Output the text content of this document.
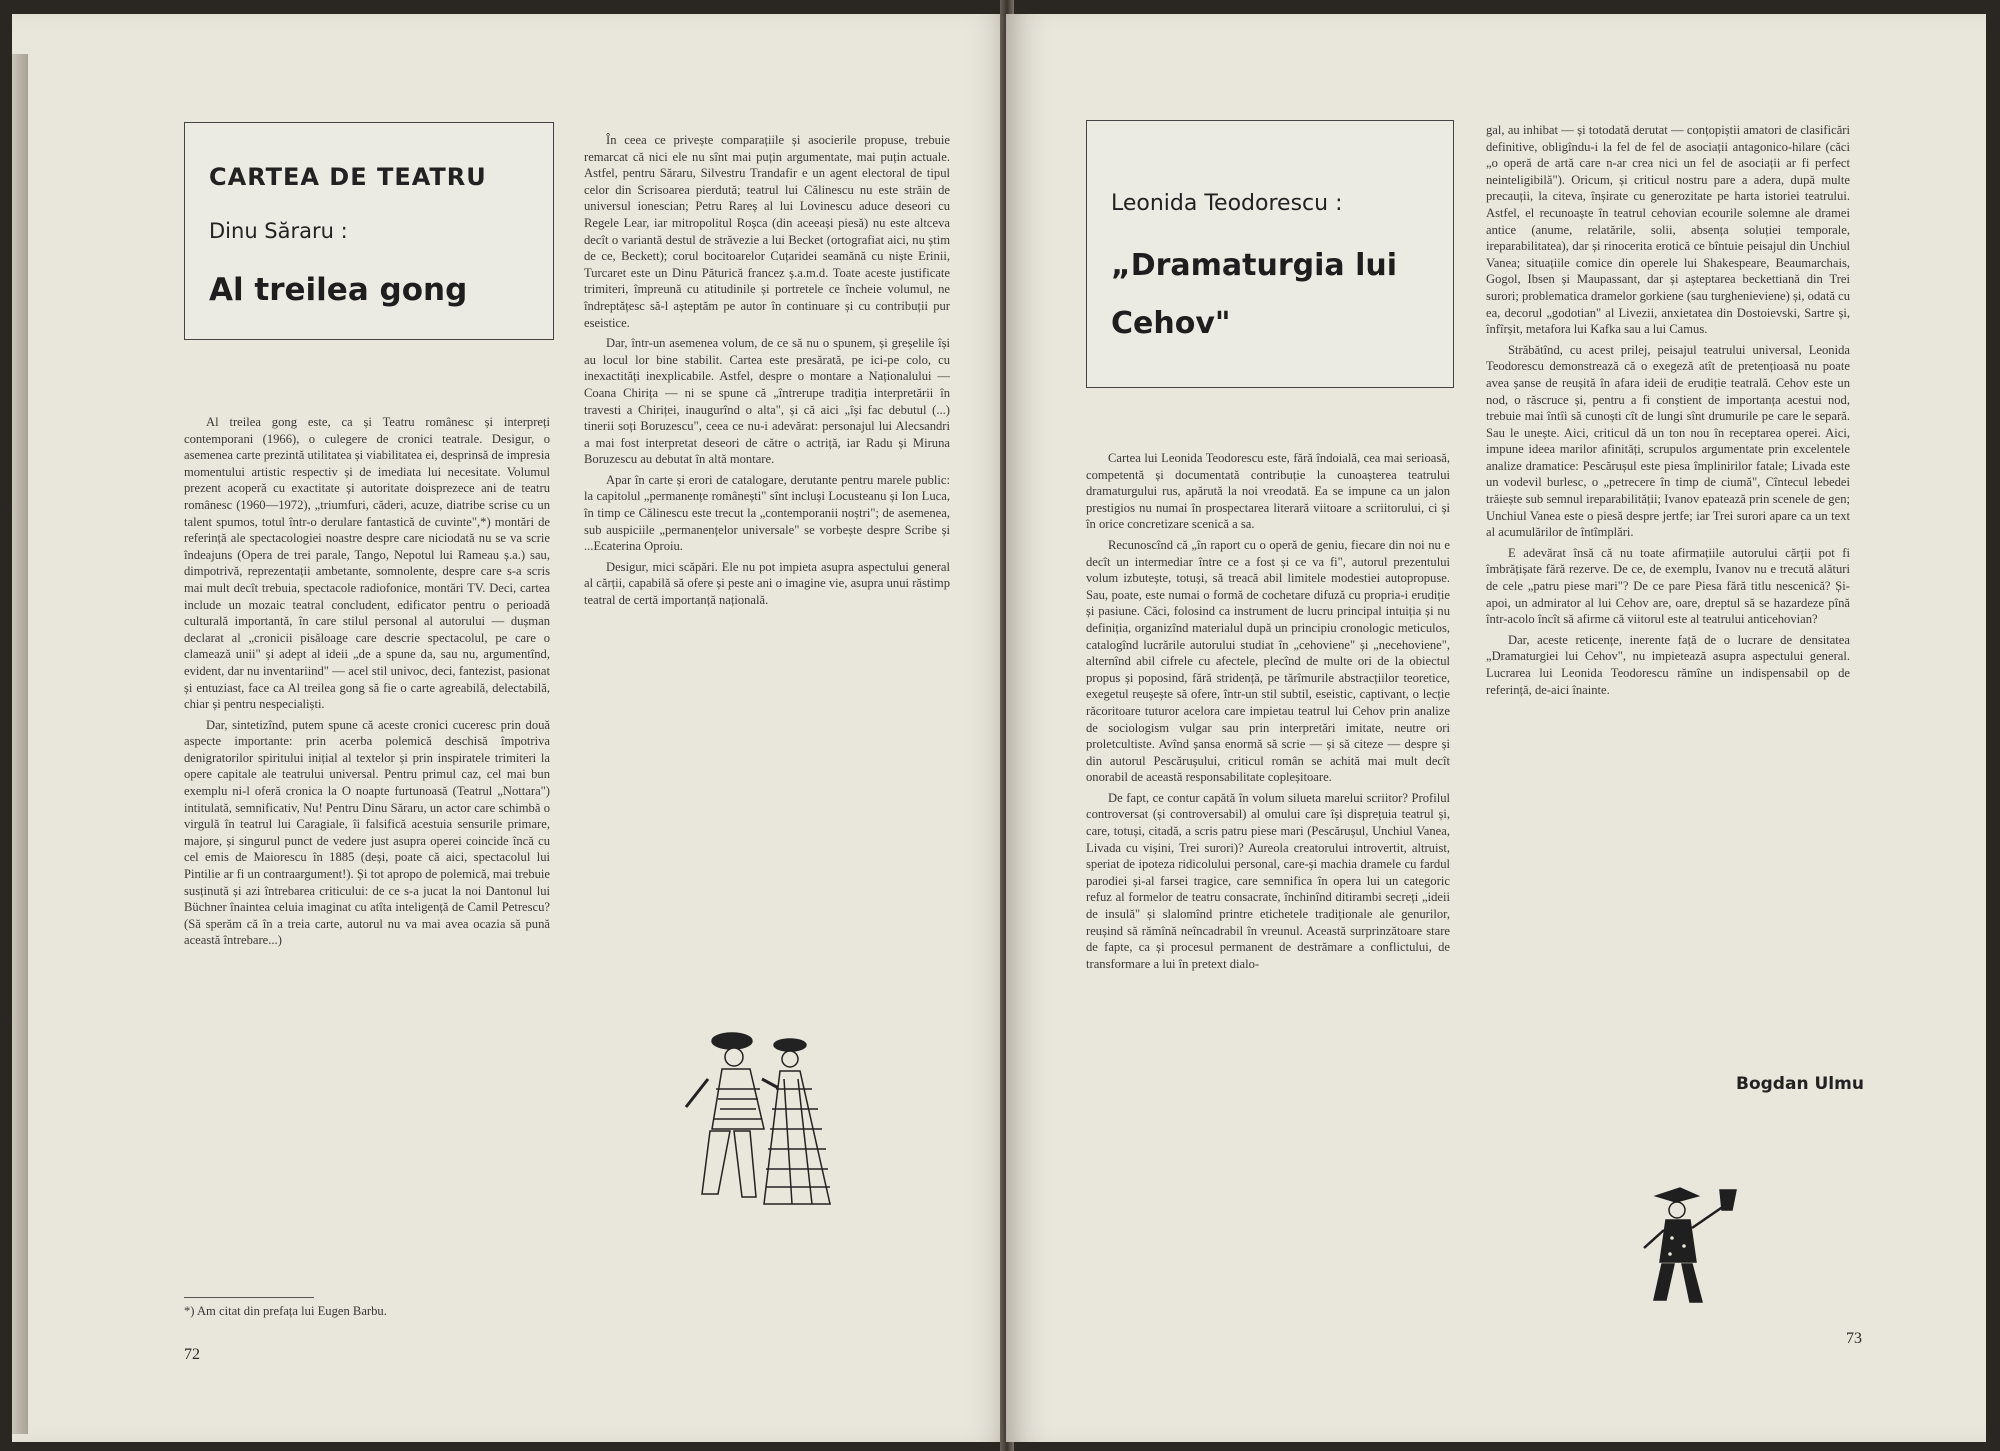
CARTEA DE TEATRU
Dinu Săraru :
Al treilea gong

Al treilea gong este, ca și Teatru românesc și interpreți contemporani (1966), o culegere de cronici teatrale. Desigur, o asemenea carte prezintă utilitatea și viabilitatea ei, desprinsă de impresia momentului artistic respectiv și de imediata lui necesitate. Volumul prezent acoperă cu exactitate și autoritate doisprezece ani de teatru românesc (1960—1972), „triumfuri, căderi, acuze, diatribe scrise cu un talent spumos, totul într-o derulare fantastică de cuvinte",*) montări de referință ale spectacologiei noastre despre care niciodată nu se va scrie îndeajuns (Opera de trei parale, Tango, Nepotul lui Rameau ș.a.) sau, dimpotrivă, reprezentații ambetante, somnolente, despre care s-a scris mai mult decît trebuia, spectacole radiofonice, montări TV. Deci, cartea include un mozaic teatral concludent, edificator pentru o perioadă culturală importantă, în care stilul personal al autorului — dușman declarat al „cronicii pisăloage care descrie spectacolul, pe care o clamează unii" și adept al ideii „de a spune da, sau nu, argumentînd, evident, dar nu inventariind" — acel stil univoc, deci, fantezist, pasionat și entuziast, face ca Al treilea gong să fie o carte agreabilă, delectabilă, chiar și pentru nespecialiști.

Dar, sintetizînd, putem spune că aceste cronici cuceresc prin două aspecte importante: prin acerba polemică deschisă împotriva denigratorilor spiritului inițial al textelor și prin inspiratele trimiteri la opere capitale ale teatrului universal. Pentru primul caz, cel mai bun exemplu ni-l oferă cronica la O noapte furtunoasă (Teatrul „Nottara") intitulată, semnificativ, Nu! Pentru Dinu Săraru, un actor care schimbă o virgulă în teatrul lui Caragiale, îi falsifică acestuia sensurile primare, majore, și singurul punct de vedere just asupra operei coincide încă cu cel emis de Maiorescu în 1885 (deși, poate că aici, spectacolul lui Pintilie ar fi un contraargument!). Și tot apropo de polemică, mai trebuie susținută și azi întrebarea criticului: de ce s-a jucat la noi Dantonul lui Büchner înaintea celuia imaginat cu atîta inteligență de Camil Petrescu? (Să sperăm că în a treia carte, autorul nu va mai avea ocazia să pună această întrebare...)

*) Am citat din prefața lui Eugen Barbu.

În ceea ce privește comparațiile și asocierile propuse, trebuie remarcat că nici ele nu sînt mai puțin argumentate, mai puțin actuale. Astfel, pentru Săraru, Silvestru Trandafir e un agent electoral de tipul celor din Scrisoarea pierdută; teatrul lui Călinescu nu este străin de universul ionescian; Petru Rareș al lui Lovinescu aduce deseori cu Regele Lear, iar mitropolitul Roșca (din aceeași piesă) nu este altceva decît o variantă destul de străvezie a lui Becket (ortografiat aici, nu știm de ce, Beckett); corul bocitoarelor Cuțaridei seamănă cu niște Erinii, Turcaret este un Dinu Păturică francez ș.a.m.d. Toate aceste justificate trimiteri, împreună cu atitudinile și portretele ce încheie volumul, ne îndreptățesc să-l așteptăm pe autor în continuare și cu contribuții pur eseistice.

Dar, într-un asemenea volum, de ce să nu o spunem, și greșelile își au locul lor bine stabilit. Cartea este presărată, pe ici-pe colo, cu inexactități inexplicabile. Astfel, despre o montare a Naționalului — Coana Chirița — ni se spune că „întrerupe tradiția interpretării în travesti a Chiriței, inaugurînd o alta", și că aici „își fac debutul (...) tinerii soți Boruzescu", ceea ce nu-i adevărat: personajul lui Alecsandri a mai fost interpretat deseori de către o actriță, iar Radu și Miruna Boruzescu au debutat în altă montare.

Apar în carte și erori de catalogare, derutante pentru marele public: la capitolul „permanențe românești" sînt incluși Locusteanu și Ion Luca, în timp ce Călinescu este trecut la „contemporanii noștri"; de asemenea, sub auspiciile „permanențelor universale" se vorbește despre Scribe și ...Ecaterina Oproiu.

Desigur, mici scăpări. Ele nu pot impieta asupra aspectului general al cărții, capabilă să ofere și peste ani o imagine vie, asupra unui răstimp teatral de certă importanță națională.

72
Leonida Teodorescu :
„Dramaturgia lui
Cehov"

Cartea lui Leonida Teodorescu este, fără îndoială, cea mai serioasă, competentă și documentată contribuție la cunoașterea teatrului dramaturgului rus, apărută la noi vreodată. Ea se impune ca un jalon prestigios nu numai în prospectarea literară viitoare a scriitorului, ci și în orice concretizare scenică a sa.

Recunoscînd că „în raport cu o operă de geniu, fiecare din noi nu e decît un intermediar între ce a fost și ce va fi", autorul prezentului volum izbutește, totuși, să treacă abil limitele modestiei autopropuse. Sau, poate, este numai o formă de cochetare difuză cu propria-i erudiție și pasiune. Căci, folosind ca instrument de lucru principal intuiția și nu definiția, organizînd materialul după un principiu cronologic meticulos, catalogînd lucrările autorului studiat în „cehoviene" și „necehoviene", alternînd abil cifrele cu afectele, plecînd de multe ori de la obiectul propus și poposind, fără stridență, pe tărîmurile abstracțiilor teoretice, exegetul reușește să ofere, într-un stil subtil, eseistic, captivant, o lecție răcoritoare tuturor acelora care impietau teatrul lui Cehov prin analize de sociologism vulgar sau prin interpretări imitate, neutre ori proletcultiste. Avînd șansa enormă să scrie — și să citeze — despre și din autorul Pescărușului, criticul român se achită mai mult decît onorabil de această responsabilitate copleșitoare.

De fapt, ce contur capătă în volum silueta marelui scriitor? Profilul controversat (și controversabil) al omului care își disprețuia teatrul și, care, totuși, citadă, a scris patru piese mari (Pescărușul, Unchiul Vanea, Livada cu vișini, Trei surori)? Aureola creatorului introvertit, altruist, speriat de ipoteza ridicolului personal, care-și machia dramele cu fardul parodiei și-al farsei tragice, care semnifica în opera lui un categoric refuz al formelor de teatru consacrate, închinînd ditirambi secreți „ideii de insulă" și slalomînd printre etichetele tradiționale ale genurilor, reușind să rămînă neîncadrabil în vreunul. Această surprinzătoare stare de fapte, ca și procesul permanent de destrămare a conflictului, de transformare a lui în pretext dialo-

gal, au inhibat — și totodată derutat — conțopiștii amatori de clasificări definitive, obligîndu-i la fel de fel de asociații antagonico-hilare (căci „o operă de artă care n-ar crea nici un fel de asociații ar fi perfect neinteligibilă"). Oricum, și criticul nostru pare a adera, după multe precauții, la citeva, înșirate cu generozitate pe harta istoriei teatrului. Astfel, el recunoaște în teatrul cehovian ecourile solemne ale dramei antice (anume, relatările, solii, absența soluției temporale, ireparabilitatea), dar și rinocerita erotică ce bîntuie peisajul din Unchiul Vanea; situațiile comice din operele lui Shakespeare, Beaumarchais, Gogol, Ibsen și Maupassant, dar și așteptarea beckettiană din Trei surori; problematica dramelor gorkiene (sau turghenieviene) și, odată cu ea, decorul „godotian" al Livezii, anxietatea din Dostoievski, Sartre și, înfîrșit, metafora lui Kafka sau a lui Camus.

Străbătînd, cu acest prilej, peisajul teatrului universal, Leonida Teodorescu demonstrează că o exegeză atît de pretențioasă nu poate avea șanse de reușită în afara ideii de erudiție teatrală. Cehov este un nod, o răscruce și, pentru a fi conștient de importanța acestui nod, trebuie mai întîi să cunoști cît de lungi sînt drumurile pe care le separă. Sau le unește. Aici, criticul dă un ton nou în receptarea operei. Aici, impune ideea marilor afinități, scrupulos argumentate prin excelentele analize dramatice: Pescărușul este piesa împlinirilor fatale; Livada este un vodevil burlesc, o „petrecere în timp de ciumă", Cîntecul lebedei trăiește sub semnul ireparabilității; Ivanov epatează prin scenele de gen; Unchiul Vanea este o piesă despre jertfe; iar Trei surori apare ca un text al acumulărilor de întîmplări.

E adevărat însă că nu toate afirmațiile autorului cărții pot fi îmbrățișate fără rezerve. De ce, de exemplu, Ivanov nu e trecută alături de cele „patru piese mari"? De ce pare Piesa fără titlu nescenică? Și-apoi, un admirator al lui Cehov are, oare, dreptul să se hazardeze pînă într-acolo încît să afirme că viitorul este al teatrului anticehovian?

Dar, aceste reticențe, inerente față de o lucrare de densitatea „Dramaturgiei lui Cehov", nu impietează asupra aspectului general. Lucrarea lui Leonida Teodorescu rămîne un indispensabil op de referință, de-aici înainte.

Bogdan Ulmu
73
